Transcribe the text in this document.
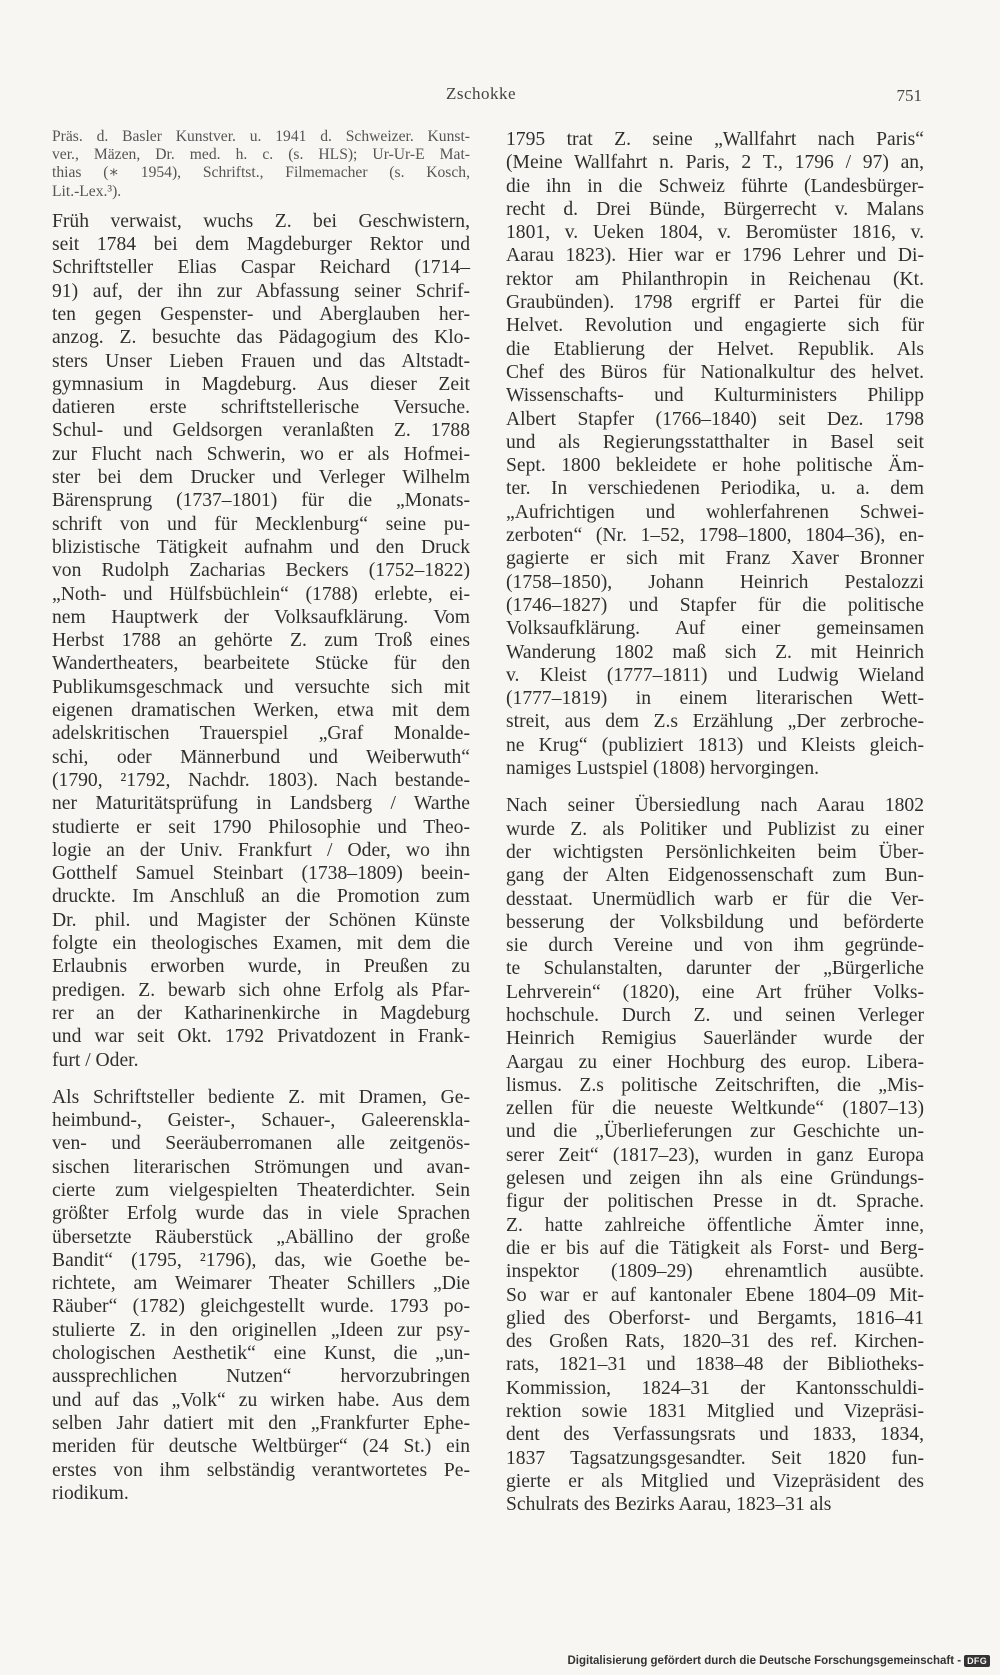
Zschokke	751

Präs. d. Basler Kunstver. u. 1941 d. Schweizer. Kunst-
ver., Mäzen, Dr. med. h. c. (s. HLS); Ur-Ur-E Mat-
thias (∗ 1954), Schriftst., Filmemacher (s. Kosch,
Lit.-Lex.³).

Früh verwaist, wuchs Z. bei Geschwistern,
seit 1784 bei dem Magdeburger Rektor und
Schriftsteller Elias Caspar Reichard (1714–
91) auf, der ihn zur Abfassung seiner Schrif-
ten gegen Gespenster- und Aberglauben her-
anzog. Z. besuchte das Pädagogium des Klo-
sters Unser Lieben Frauen und das Altstadt-
gymnasium in Magdeburg. Aus dieser Zeit
datieren erste schriftstellerische Versuche.
Schul- und Geldsorgen veranlaßten Z. 1788
zur Flucht nach Schwerin, wo er als Hofmei-
ster bei dem Drucker und Verleger Wilhelm
Bärensprung (1737–1801) für die „Monats-
schrift von und für Mecklenburg“ seine pu-
blizistische Tätigkeit aufnahm und den Druck
von Rudolph Zacharias Beckers (1752–1822)
„Noth- und Hülfsbüchlein“ (1788) erlebte, ei-
nem Hauptwerk der Volksaufklärung. Vom
Herbst 1788 an gehörte Z. zum Troß eines
Wandertheaters, bearbeitete Stücke für den
Publikumsgeschmack und versuchte sich mit
eigenen dramatischen Werken, etwa mit dem
adelskritischen Trauerspiel „Graf Monalde-
schi, oder Männerbund und Weiberwuth“
(1790, ²1792, Nachdr. 1803). Nach bestande-
ner Maturitätsprüfung in Landsberg / Warthe
studierte er seit 1790 Philosophie und Theo-
logie an der Univ. Frankfurt / Oder, wo ihn
Gotthelf Samuel Steinbart (1738–1809) beein-
druckte. Im Anschluß an die Promotion zum
Dr. phil. und Magister der Schönen Künste
folgte ein theologisches Examen, mit dem die
Erlaubnis erworben wurde, in Preußen zu
predigen. Z. bewarb sich ohne Erfolg als Pfar-
rer an der Katharinenkirche in Magdeburg
und war seit Okt. 1792 Privatdozent in Frank-
furt / Oder.

Als Schriftsteller bediente Z. mit Dramen, Ge-
heimbund-, Geister-, Schauer-, Galeerenskla-
ven- und Seeräuberromanen alle zeitgenös-
sischen literarischen Strömungen und avan-
cierte zum vielgespielten Theaterdichter. Sein
größter Erfolg wurde das in viele Sprachen
übersetzte Räuberstück „Abällino der große
Bandit“ (1795, ²1796), das, wie Goethe be-
richtete, am Weimarer Theater Schillers „Die
Räuber“ (1782) gleichgestellt wurde. 1793 po-
stulierte Z. in den originellen „Ideen zur psy-
chologischen Aesthetik“ eine Kunst, die „un-
aussprechlichen Nutzen“ hervorzubringen
und auf das „Volk“ zu wirken habe. Aus dem
selben Jahr datiert mit den „Frankfurter Ephe-
meriden für deutsche Weltbürger“ (24 St.) ein
erstes von ihm selbständig verantwortetes Pe-
riodikum.

1795 trat Z. seine „Wallfahrt nach Paris“
(Meine Wallfahrt n. Paris, 2 T., 1796 / 97) an,
die ihn in die Schweiz führte (Landesbürger-
recht d. Drei Bünde, Bürgerrecht v. Malans
1801, v. Ueken 1804, v. Beromüster 1816, v.
Aarau 1823). Hier war er 1796 Lehrer und Di-
rektor am Philanthropin in Reichenau (Kt.
Graubünden). 1798 ergriff er Partei für die
Helvet. Revolution und engagierte sich für
die Etablierung der Helvet. Republik. Als
Chef des Büros für Nationalkultur des helvet.
Wissenschafts- und Kulturministers Philipp
Albert Stapfer (1766–1840) seit Dez. 1798
und als Regierungsstatthalter in Basel seit
Sept. 1800 bekleidete er hohe politische Äm-
ter. In verschiedenen Periodika, u. a. dem
„Aufrichtigen und wohlerfahrenen Schwei-
zerboten“ (Nr. 1–52, 1798–1800, 1804–36), en-
gagierte er sich mit Franz Xaver Bronner
(1758–1850), Johann Heinrich Pestalozzi
(1746–1827) und Stapfer für die politische
Volksaufklärung. Auf einer gemeinsamen
Wanderung 1802 maß sich Z. mit Heinrich
v. Kleist (1777–1811) und Ludwig Wieland
(1777–1819) in einem literarischen Wett-
streit, aus dem Z.s Erzählung „Der zerbroche-
ne Krug“ (publiziert 1813) und Kleists gleich-
namiges Lustspiel (1808) hervorgingen.

Nach seiner Übersiedlung nach Aarau 1802
wurde Z. als Politiker und Publizist zu einer
der wichtigsten Persönlichkeiten beim Über-
gang der Alten Eidgenossenschaft zum Bun-
desstaat. Unermüdlich warb er für die Ver-
besserung der Volksbildung und beförderte
sie durch Vereine und von ihm gegründe-
te Schulanstalten, darunter der „Bürgerliche
Lehrverein“ (1820), eine Art früher Volks-
hochschule. Durch Z. und seinen Verleger
Heinrich Remigius Sauerländer wurde der
Aargau zu einer Hochburg des europ. Libera-
lismus. Z.s politische Zeitschriften, die „Mis-
zellen für die neueste Weltkunde“ (1807–13)
und die „Überlieferungen zur Geschichte un-
serer Zeit“ (1817–23), wurden in ganz Europa
gelesen und zeigen ihn als eine Gründungs-
figur der politischen Presse in dt. Sprache.
Z. hatte zahlreiche öffentliche Ämter inne,
die er bis auf die Tätigkeit als Forst- und Berg-
inspektor (1809–29) ehrenamtlich ausübte.
So war er auf kantonaler Ebene 1804–09 Mit-
glied des Oberforst- und Bergamts, 1816–41
des Großen Rats, 1820–31 des ref. Kirchen-
rats, 1821–31 und 1838–48 der Bibliotheks-
Kommission, 1824–31 der Kantonsschuldi-
rektion sowie 1831 Mitglied und Vizepräsi-
dent des Verfassungsrats und 1833, 1834,
1837 Tagsatzungsgesandter. Seit 1820 fun-
gierte er als Mitglied und Vizepräsident des
Schulrats des Bezirks Aarau, 1823–31 als

Digitalisierung gefördert durch die Deutsche Forschungsgemeinschaft - DFG
